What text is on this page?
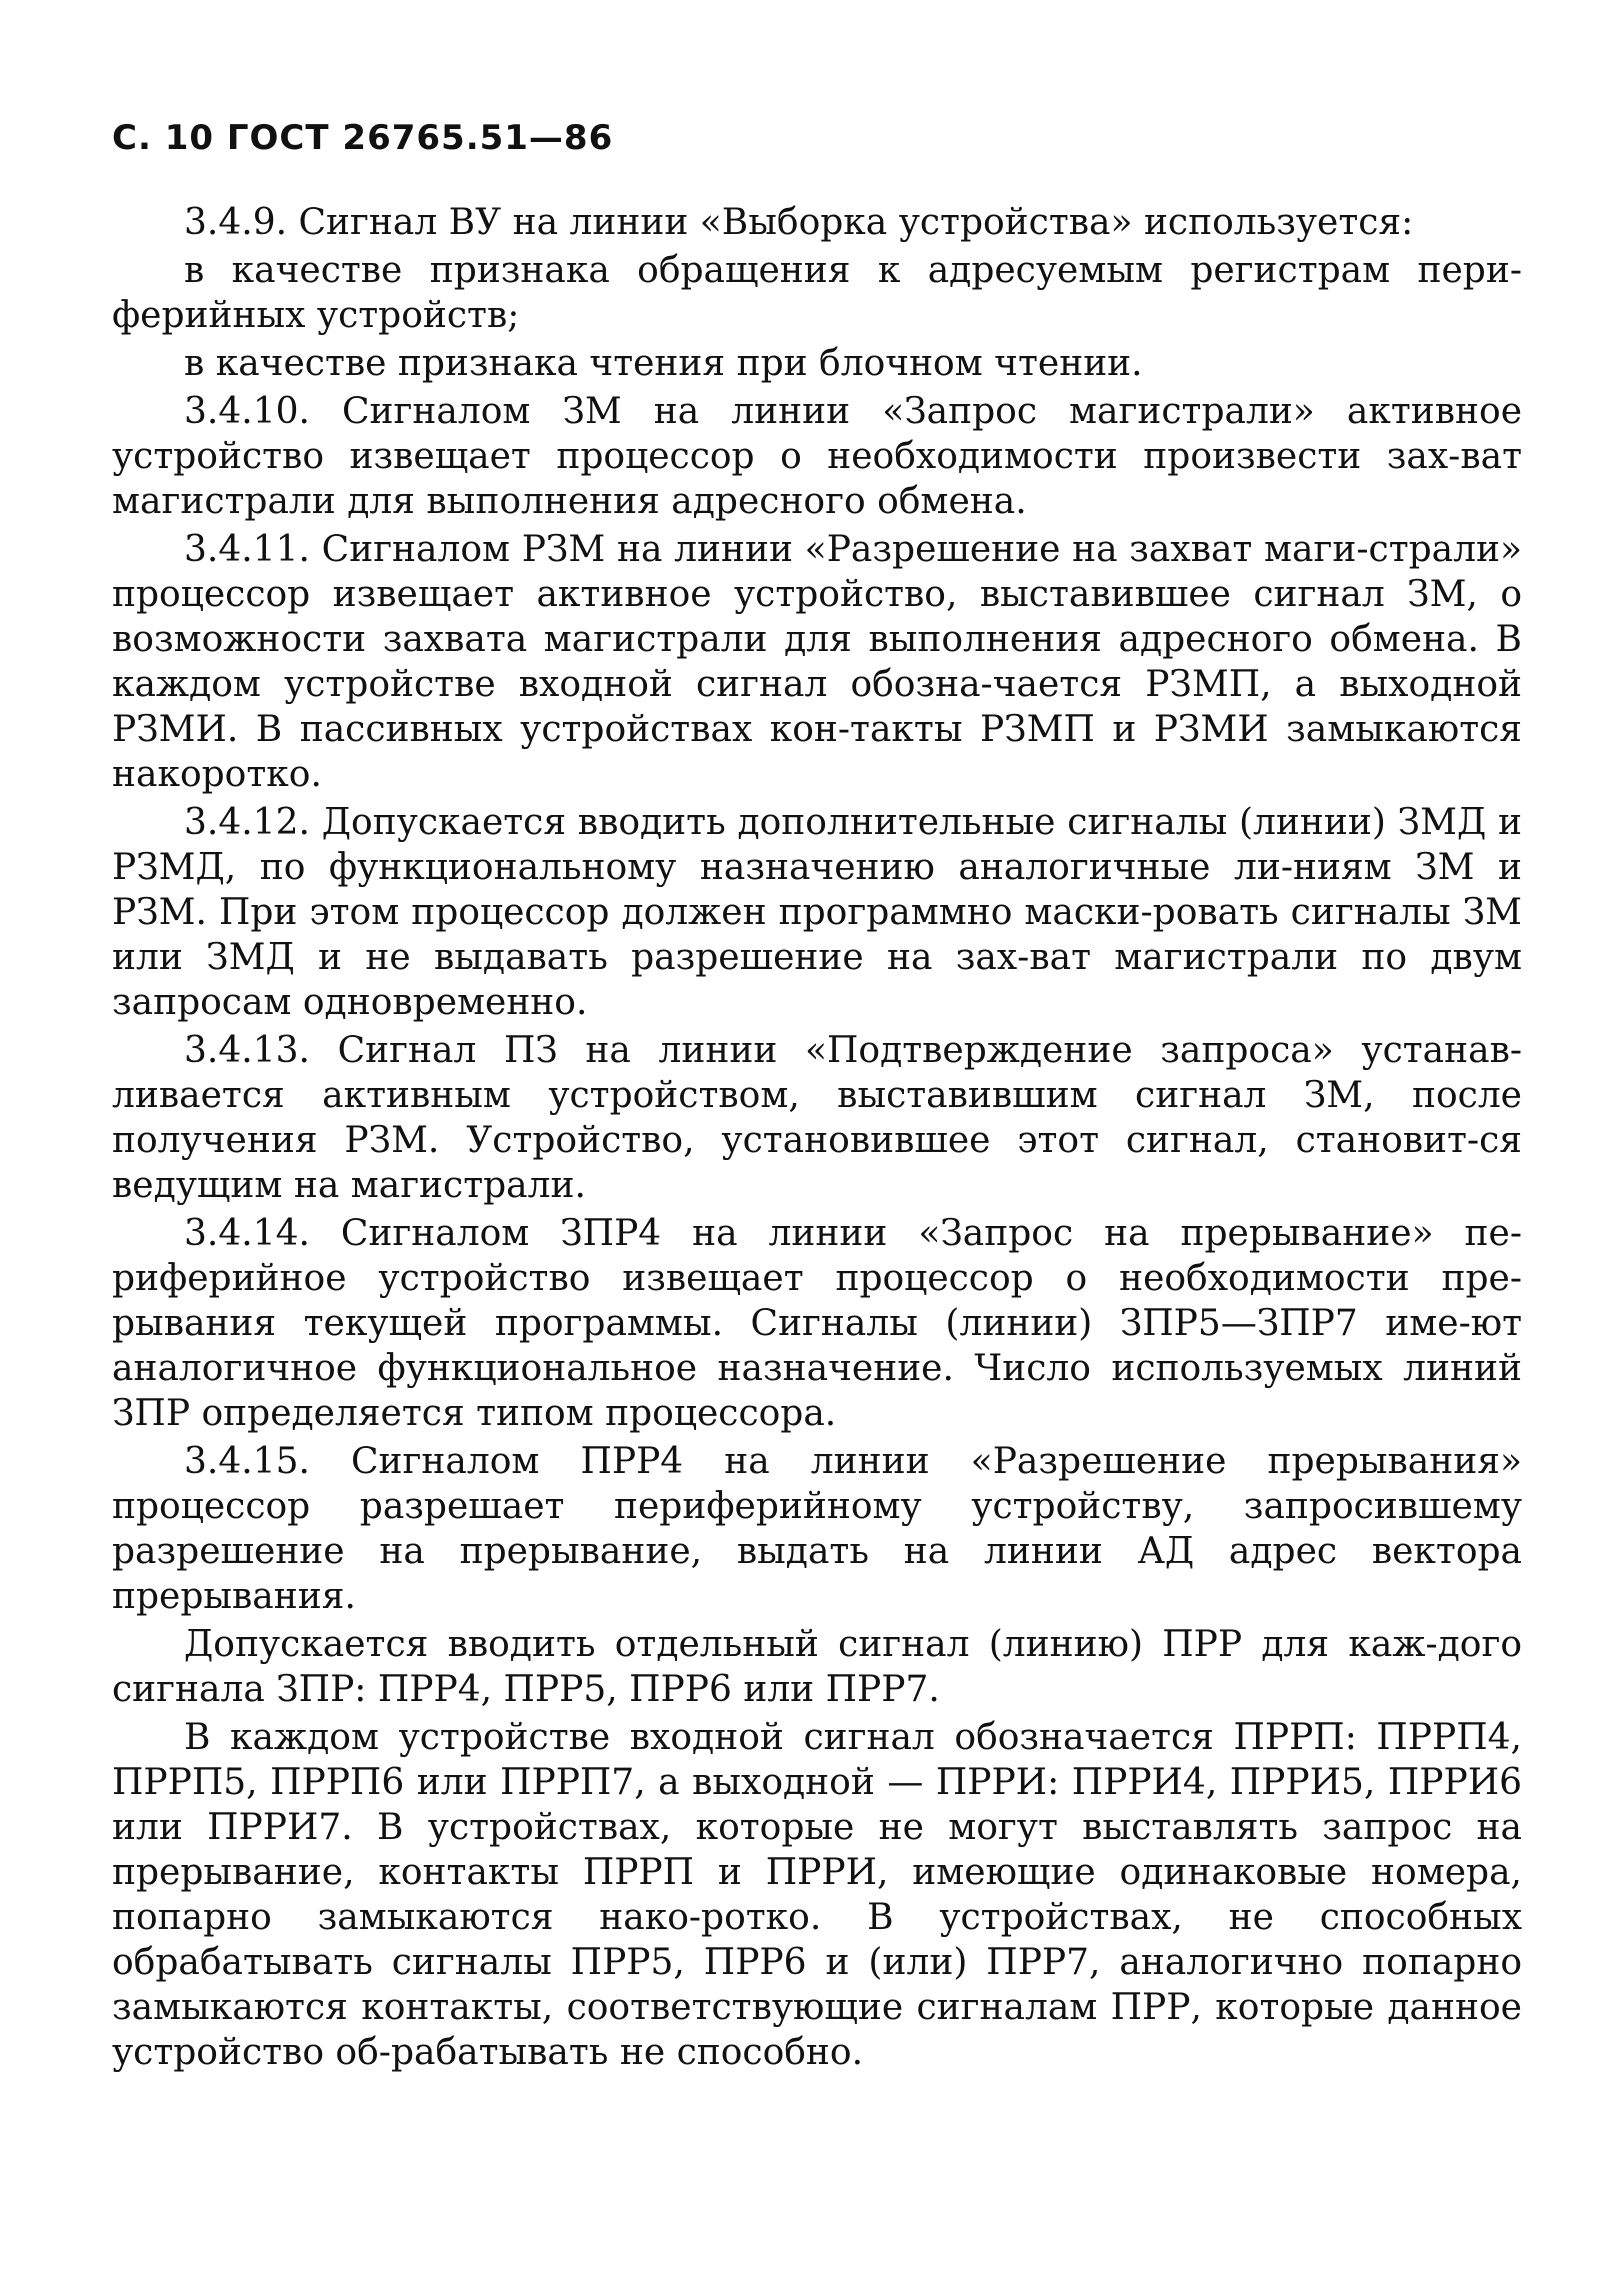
С. 10 ГОСТ 26765.51—86

3.4.9. Сигнал ВУ на линии «Выборка устройства» используется:

в качестве признака обращения к адресуемым регистрам пери-ферийных устройств;

в качестве признака чтения при блочном чтении.

3.4.10. Сигналом ЗМ на линии «Запрос магистрали» активное устройство извещает процессор о необходимости произвести зах-ват магистрали для выполнения адресного обмена.

3.4.11. Сигналом РЗМ на линии «Разрешение на захват маги-страли» процессор извещает активное устройство, выставившее сигнал ЗМ, о возможности захвата магистрали для выполнения адресного обмена. В каждом устройстве входной сигнал обозна-чается РЗМП, а выходной РЗМИ. В пассивных устройствах кон-такты РЗМП и РЗМИ замыкаются накоротко.

3.4.12. Допускается вводить дополнительные сигналы (линии) ЗМД и РЗМД, по функциональному назначению аналогичные ли-ниям ЗМ и РЗМ. При этом процессор должен программно маски-ровать сигналы ЗМ или ЗМД и не выдавать разрешение на зах-ват магистрали по двум запросам одновременно.

3.4.13. Сигнал ПЗ на линии «Подтверждение запроса» устанав-ливается активным устройством, выставившим сигнал ЗМ, после получения РЗМ. Устройство, установившее этот сигнал, становит-ся ведущим на магистрали.

3.4.14. Сигналом ЗПР4 на линии «Запрос на прерывание» пе-риферийное устройство извещает процессор о необходимости пре-рывания текущей программы. Сигналы (линии) ЗПР5—ЗПР7 име-ют аналогичное функциональное назначение. Число используемых линий ЗПР определяется типом процессора.

3.4.15. Сигналом ПРР4 на линии «Разрешение прерывания» процессор разрешает периферийному устройству, запросившему разрешение на прерывание, выдать на линии АД адрес вектора прерывания.

Допускается вводить отдельный сигнал (линию) ПРР для каж-дого сигнала ЗПР: ПРР4, ПРР5, ПРР6 или ПРР7.

В каждом устройстве входной сигнал обозначается ПРРП: ПРРП4, ПРРП5, ПРРП6 или ПРРП7, а выходной — ПРРИ: ПРРИ4, ПРРИ5, ПРРИ6 или ПРРИ7. В устройствах, которые не могут выставлять запрос на прерывание, контакты ПРРП и ПРРИ, имеющие одинаковые номера, попарно замыкаются нако-ротко. В устройствах, не способных обрабатывать сигналы ПРР5, ПРР6 и (или) ПРР7, аналогично попарно замыкаются контакты, соответствующие сигналам ПРР, которые данное устройство об-рабатывать не способно.
